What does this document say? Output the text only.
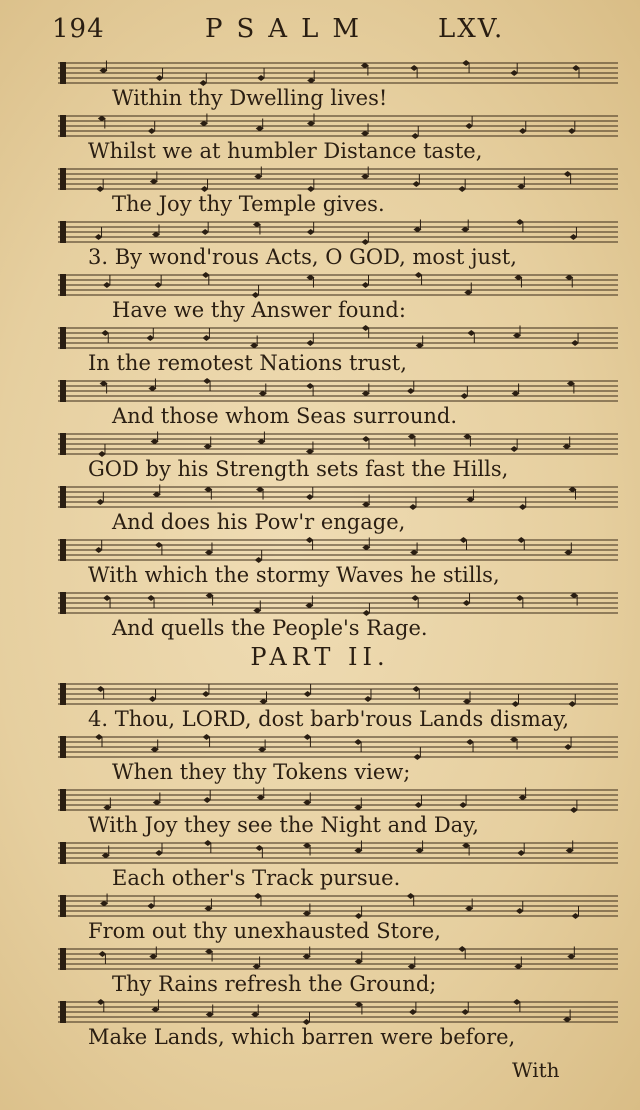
194	PSALM	LXV.
Within thy Dwelling lives!
Whilst we at humbler Distance taste,
The Joy thy Temple gives.
3. By wond'rous Acts, O GOD, most just,
Have we thy Answer found:
In the remotest Nations trust,
And those whom Seas surround.
GOD by his Strength sets fast the Hills,
And does his Pow'r engage,
With which the stormy Waves he stills,
And quells the People's Rage.
PART II.
4. Thou, LORD, dost barb'rous Lands dismay,
When they thy Tokens view;
With Joy they see the Night and Day,
Each other's Track pursue.
From out thy unexhausted Store,
Thy Rains refresh the Ground;
Make Lands, which barren were before,
With
